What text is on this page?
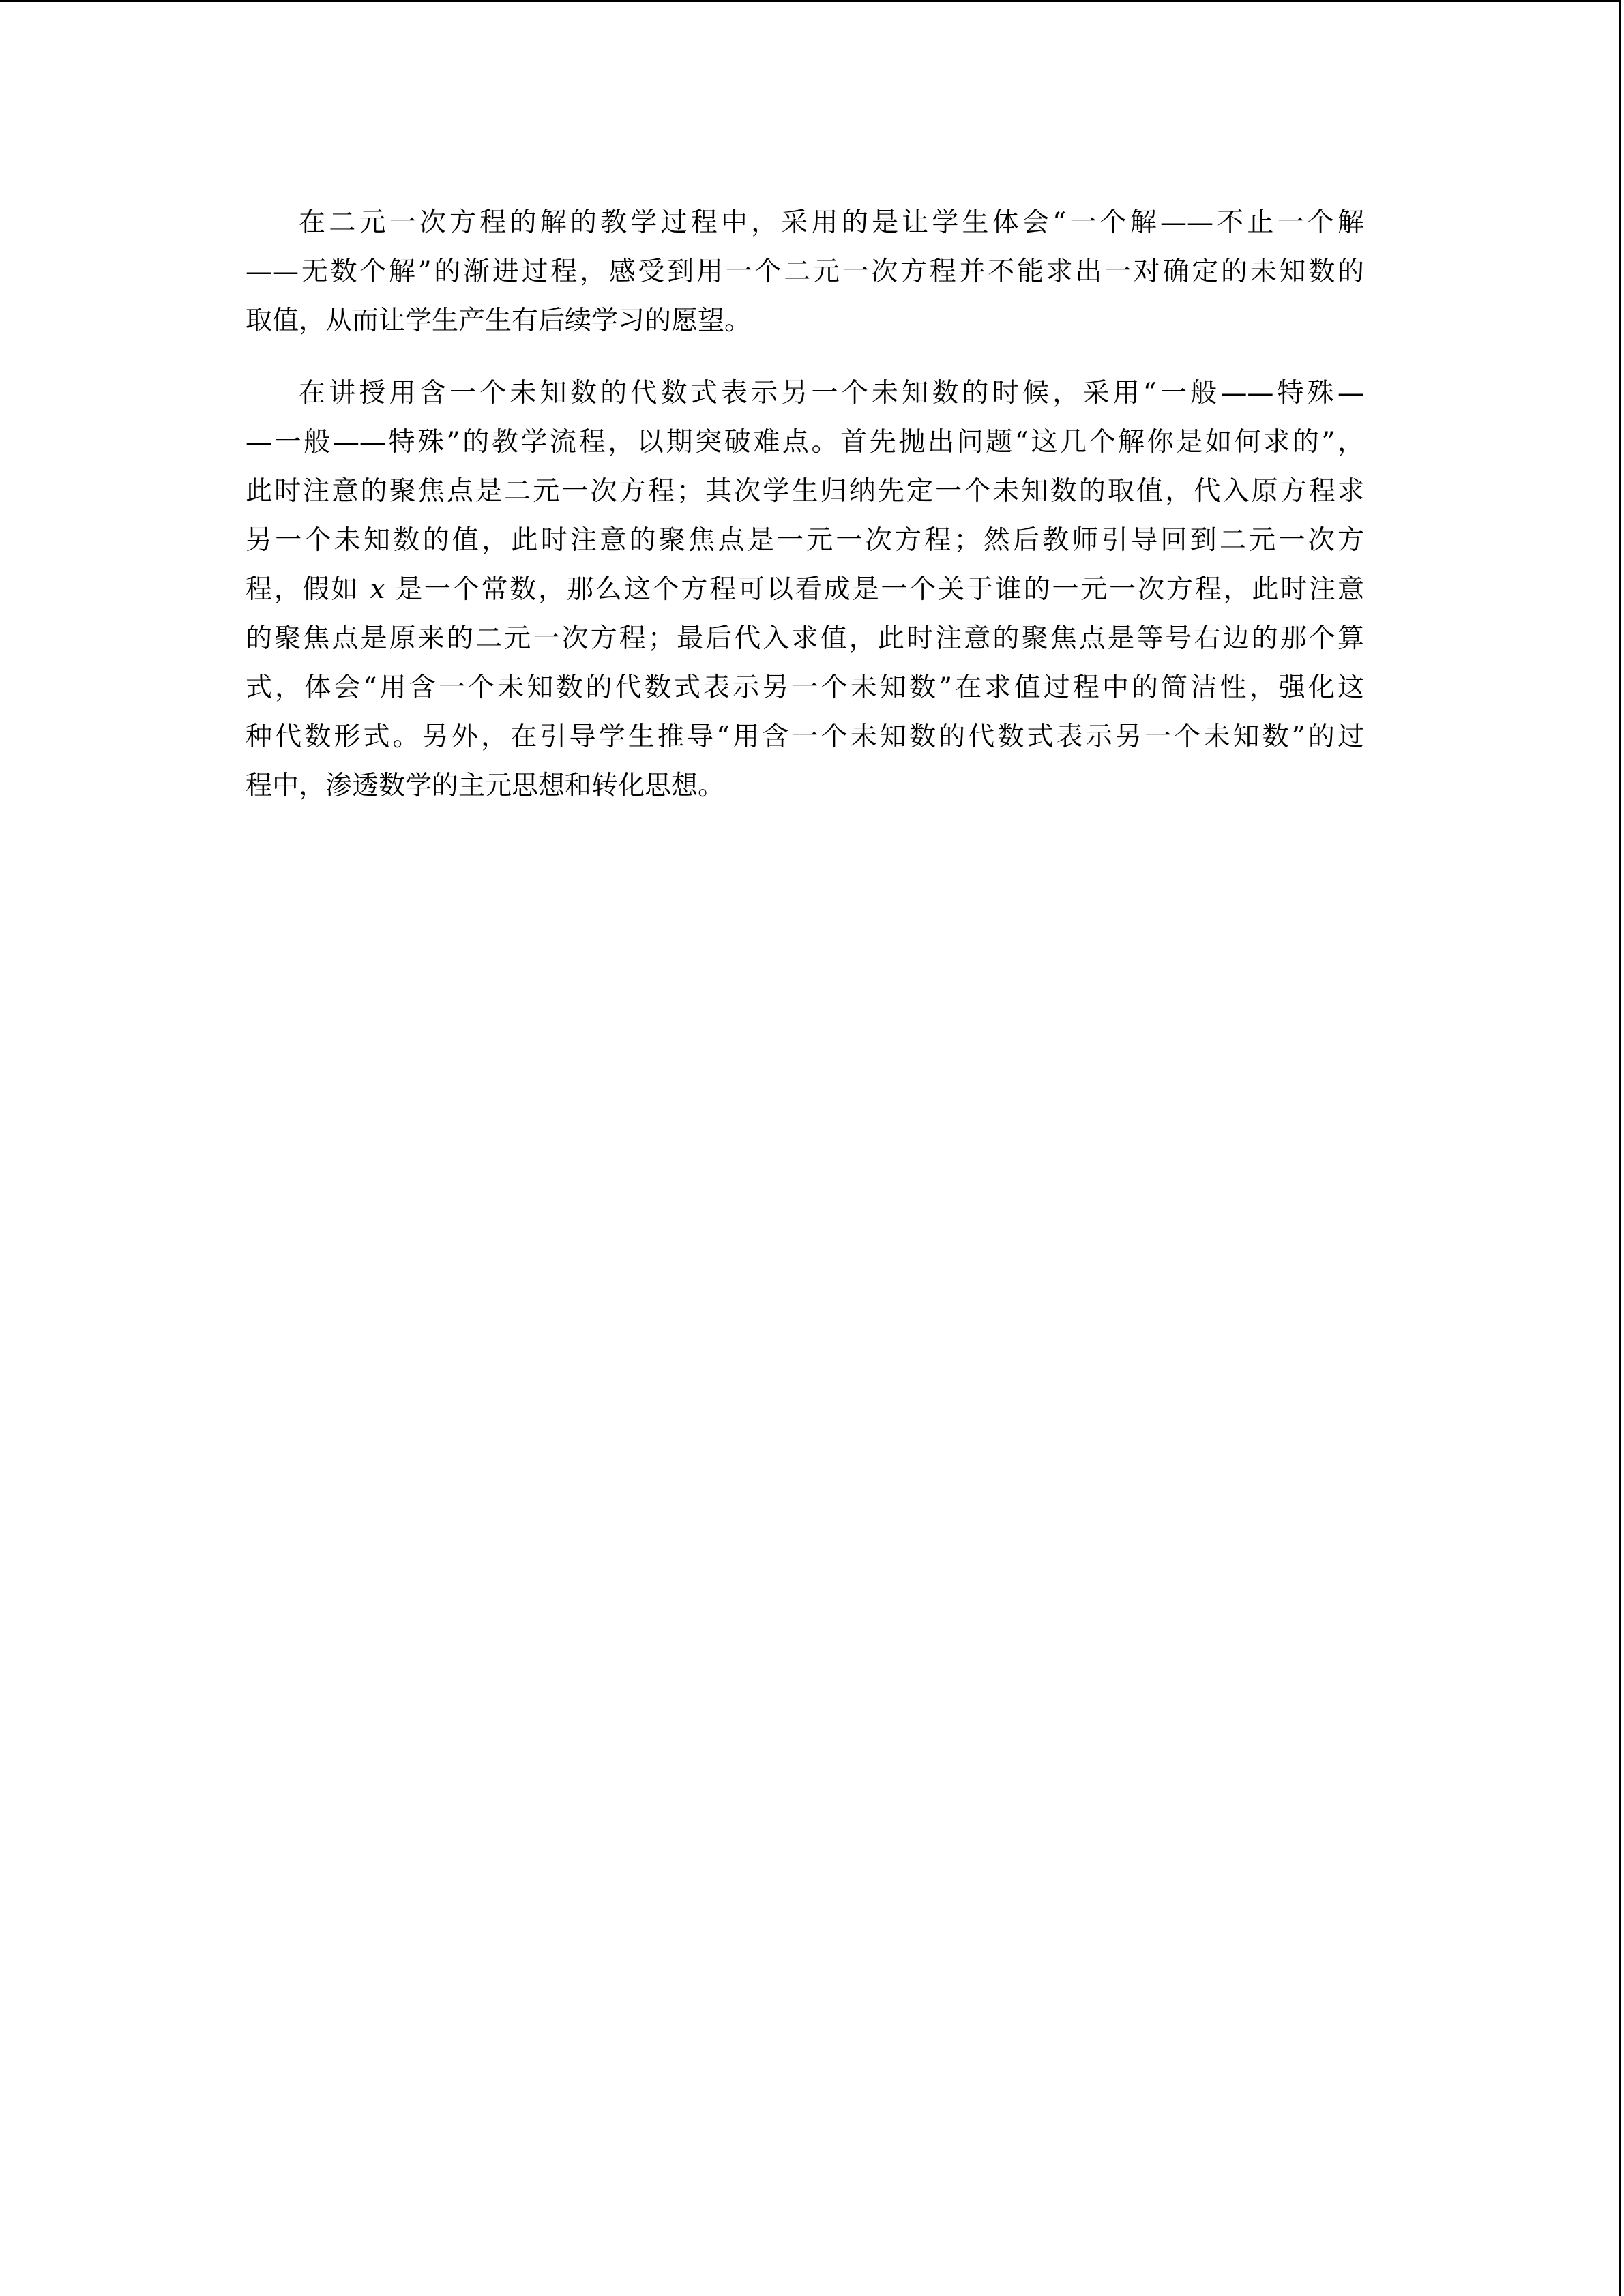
在二元一次方程的解的教学过程中，采用的是让学生体会“一个解——不止一个解
——无数个解”的渐进过程，感受到用一个二元一次方程并不能求出一对确定的未知数的
取值，从而让学生产生有后续学习的愿望。

在讲授用含一个未知数的代数式表示另一个未知数的时候，采用“一般——特殊—
—一般——特殊”的教学流程，以期突破难点。首先抛出问题“这几个解你是如何求的”，
此时注意的聚焦点是二元一次方程；其次学生归纳先定一个未知数的取值，代入原方程求
另一个未知数的值，此时注意的聚焦点是一元一次方程；然后教师引导回到二元一次方
程，假如 x 是一个常数，那么这个方程可以看成是一个关于谁的一元一次方程，此时注意
的聚焦点是原来的二元一次方程；最后代入求值，此时注意的聚焦点是等号右边的那个算
式，体会“用含一个未知数的代数式表示另一个未知数”在求值过程中的简洁性，强化这
种代数形式。另外，在引导学生推导“用含一个未知数的代数式表示另一个未知数”的过
程中，渗透数学的主元思想和转化思想。
